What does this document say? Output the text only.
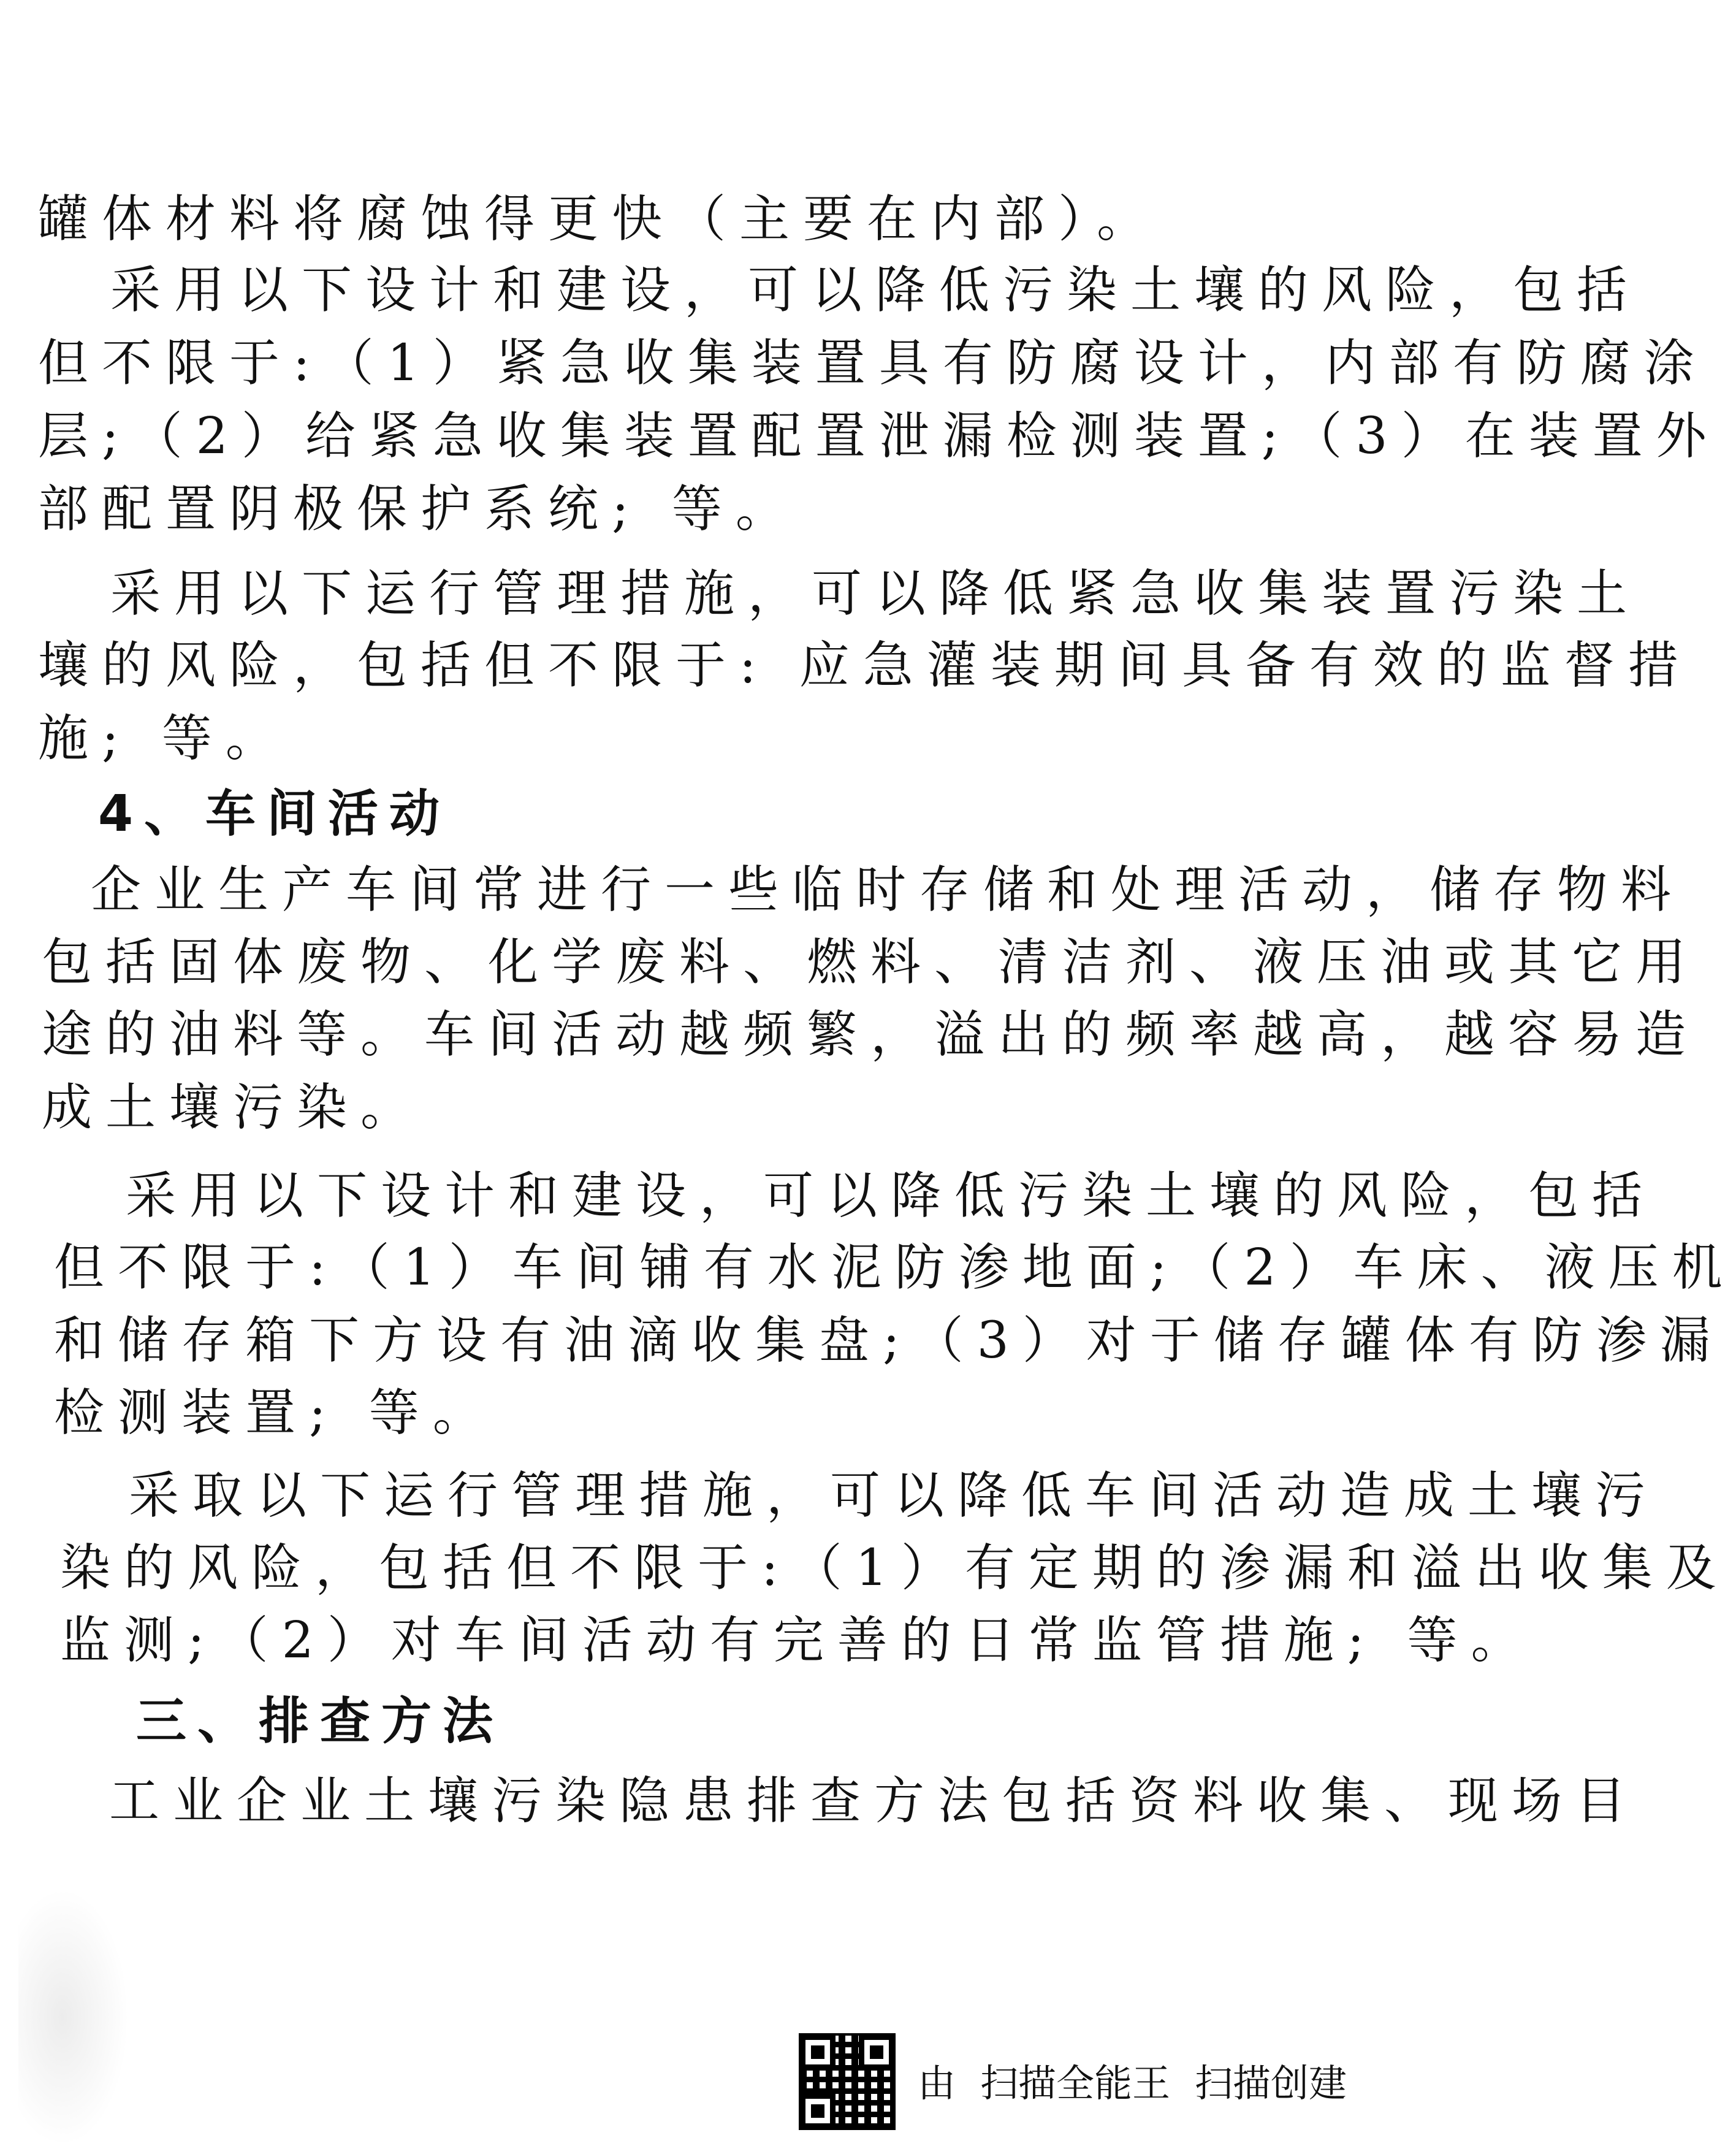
罐体材料将腐蚀得更快（主要在内部）。
采用以下设计和建设，可以降低污染土壤的风险，包括
但不限于:（1）紧急收集装置具有防腐设计，内部有防腐涂
层;（2）给紧急收集装置配置泄漏检测装置;（3）在装置外
部配置阴极保护系统; 等。
采用以下运行管理措施，可以降低紧急收集装置污染土
壤的风险，包括但不限于: 应急灌装期间具备有效的监督措
施; 等。
4、车间活动
企业生产车间常进行一些临时存储和处理活动，储存物料
包括固体废物、化学废料、燃料、清洁剂、液压油或其它用
途的油料等。车间活动越频繁，溢出的频率越高，越容易造
成土壤污染。
采用以下设计和建设，可以降低污染土壤的风险，包括
但不限于:（1）车间铺有水泥防渗地面;（2）车床、液压机
和储存箱下方设有油滴收集盘;（3）对于储存罐体有防渗漏
检测装置; 等。
采取以下运行管理措施，可以降低车间活动造成土壤污
染的风险，包括但不限于:（1）有定期的渗漏和溢出收集及
监测;（2）对车间活动有完善的日常监管措施; 等。
三、排查方法
工业企业土壤污染隐患排查方法包括资料收集、现场目
由 扫描全能王 扫描创建
